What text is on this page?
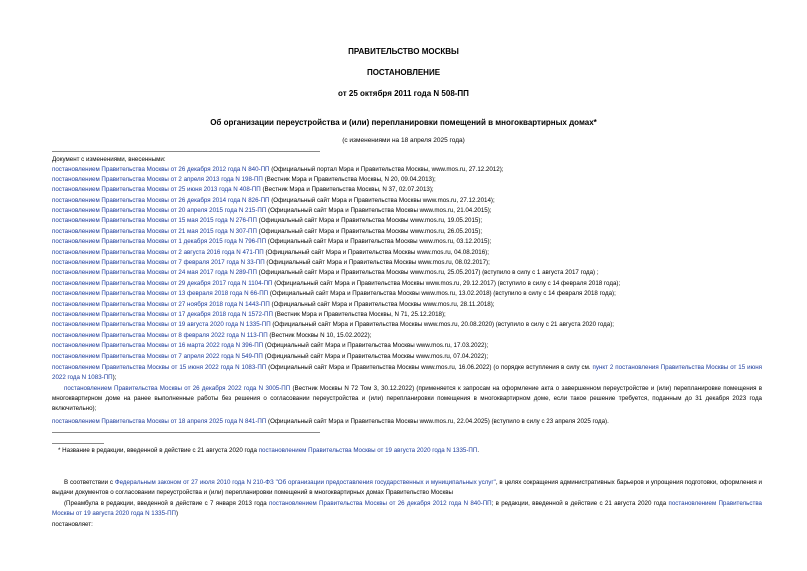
ПРАВИТЕЛЬСТВО МОСКВЫ
ПОСТАНОВЛЕНИЕ
от 25 октября 2011 года N 508-ПП
Об организации переустройства и (или) перепланировки помещений в многоквартирных домах*
(с изменениями на 18 апреля 2025 года)
Документ с изменениями, внесенными:
постановлением Правительства Москвы от 26 декабря 2012 года N 840-ПП (Официальный портал Мэра и Правительства Москвы, www.mos.ru, 27.12.2012);
постановлением Правительства Москвы от 2 апреля 2013 года N 198-ПП (Вестник Мэра и Правительства Москвы, N 20, 09.04.2013);
постановлением Правительства Москвы от 25 июня 2013 года N 408-ПП (Вестник Мэра и Правительства Москвы, N 37, 02.07.2013);
постановлением Правительства Москвы от 26 декабря 2014 года N 826-ПП (Официальный сайт Мэра и Правительства Москвы www.mos.ru, 27.12.2014);
постановлением Правительства Москвы от 20 апреля 2015 года N 215-ПП (Официальный сайт Мэра и Правительства Москвы www.mos.ru, 21.04.2015);
постановлением Правительства Москвы от 15 мая 2015 года N 276-ПП (Официальный сайт Мэра и Правительства Москвы www.mos.ru, 19.05.2015);
постановлением Правительства Москвы от 21 мая 2015 года N 307-ПП (Официальный сайт Мэра и Правительства Москвы www.mos.ru, 26.05.2015);
постановлением Правительства Москвы от 1 декабря 2015 года N 796-ПП (Официальный сайт Мэра и Правительства Москвы www.mos.ru, 03.12.2015);
постановлением Правительства Москвы от 2 августа 2016 года N 471-ПП (Официальный сайт Мэра и Правительства Москвы www.mos.ru, 04.08.2016);
постановлением Правительства Москвы от 7 февраля 2017 года N 33-ПП (Официальный сайт Мэра и Правительства Москвы www.mos.ru, 08.02.2017);
постановлением Правительства Москвы от 24 мая 2017 года N 289-ПП (Официальный сайт Мэра и Правительства Москвы www.mos.ru, 25.05.2017) (вступило в силу с 1 августа 2017 года) ;
постановлением Правительства Москвы от 29 декабря 2017 года N 1104-ПП (Официальный сайт Мэра и Правительства Москвы www.mos.ru, 29.12.2017) (вступило в силу с 14 февраля 2018 года);
постановлением Правительства Москвы от 13 февраля 2018 года N 66-ПП (Официальный сайт Мэра и Правительства Москвы www.mos.ru, 13.02.2018) (вступило в силу с 14 февраля 2018 года);
постановлением Правительства Москвы от 27 ноября 2018 года N 1443-ПП (Официальный сайт Мэра и Правительства Москвы www.mos.ru, 28.11.2018);
постановлением Правительства Москвы от 17 декабря 2018 года N 1572-ПП (Вестник Мэра и Правительства Москвы, N 71, 25.12.2018);
постановлением Правительства Москвы от 19 августа 2020 года N 1335-ПП (Официальный сайт Мэра и Правительства Москвы www.mos.ru, 20.08.2020) (вступило в силу с 21 августа 2020 года);
постановлением Правительства Москвы от 8 февраля 2022 года N 113-ПП (Вестник Москвы N 10, 15.02.2022);
постановлением Правительства Москвы от 16 марта 2022 года N 396-ПП (Официальный сайт Мэра и Правительства Москвы www.mos.ru, 17.03.2022);
постановлением Правительства Москвы от 7 апреля 2022 года N 549-ПП (Официальный сайт Мэра и Правительства Москвы www.mos.ru, 07.04.2022);
постановлением Правительства Москвы от 15 июня 2022 года N 1083-ПП (Официальный сайт Мэра и Правительства Москвы www.mos.ru, 16.06.2022) (о порядке вступления в силу см. пункт 2 постановления Правительства Москвы от 15 июня 2022 года N 1083-ПП);
постановлением Правительства Москвы от 26 декабря 2022 года N 3005-ПП (Вестник Москвы N 72 Том 3, 30.12.2022) (применяется к запросам на оформление акта о завершенном переустройстве и (или) перепланировке помещения в многоквартирном доме на ранее выполненные работы без решения о согласовании переустройства и (или) перепланировки помещения в многоквартирном доме, если такое решение требуется, поданным до 31 декабря 2023 года включительно);
постановлением Правительства Москвы от 18 апреля 2025 года N 841-ПП (Официальный сайт Мэра и Правительства Москвы www.mos.ru, 22.04.2025) (вступило в силу с 23 апреля 2025 года).
* Название в редакции, введенной в действие с 21 августа 2020 года постановлением Правительства Москвы от 19 августа 2020 года N 1335-ПП.
В соответствии с Федеральным законом от 27 июля 2010 года N 210-ФЗ "Об организации предоставления государственных и муниципальных услуг", в целях сокращения административных барьеров и упрощения подготовки, оформления и выдачи документов о согласовании переустройства и (или) перепланировки помещений в многоквартирных домах Правительство Москвы
(Преамбула в редакции, введенной в действие с 7 января 2013 года постановлением Правительства Москвы от 26 декабря 2012 года N 840-ПП; в редакции, введенной в действие с 21 августа 2020 года постановлением Правительства Москвы от 19 августа 2020 года N 1335-ПП)
постановляет:
